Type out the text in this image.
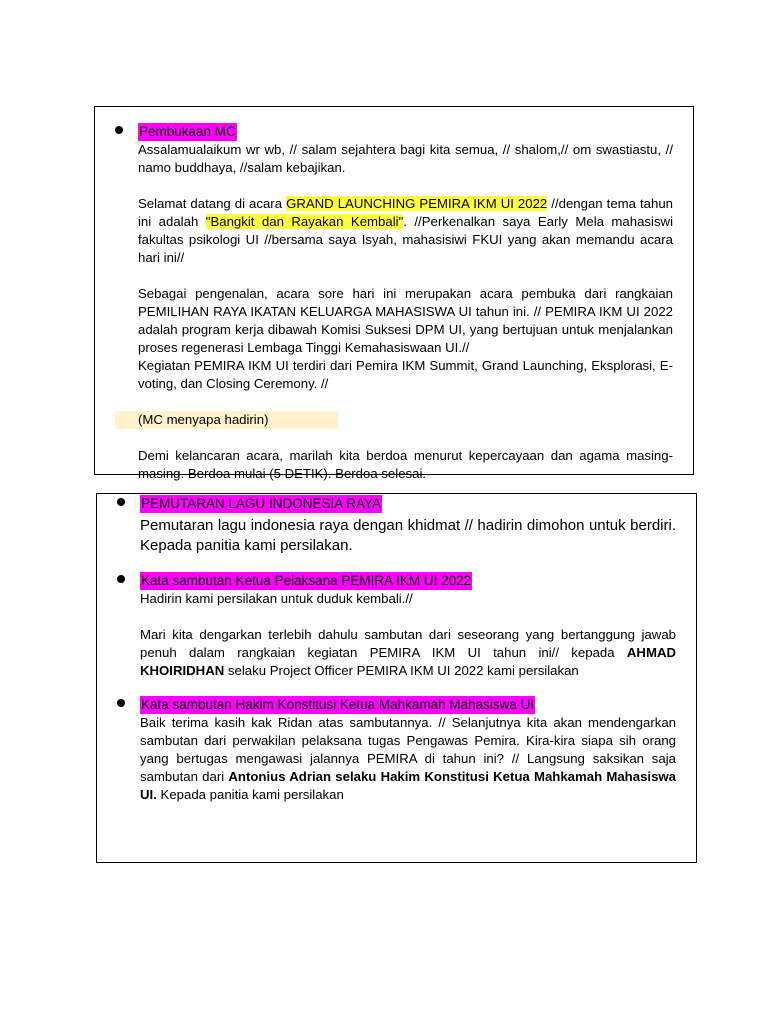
Pembukaan MC

Assalamualaikum wr wb, // salam sejahtera bagi kita semua, // shalom,// om swastiastu, // namo buddhaya, //salam kebajikan.

Selamat datang di acara GRAND LAUNCHING PEMIRA IKM UI 2022 //dengan tema tahun ini adalah "Bangkit dan Rayakan Kembali". //Perkenalkan saya Early Mela mahasiswi fakultas psikologi UI //bersama saya Isyah, mahasisiwi FKUI yang akan memandu acara hari ini//

Sebagai pengenalan, acara sore hari ini merupakan acara pembuka dari rangkaian PEMILIHAN RAYA IKATAN KELUARGA MAHASISWA UI tahun ini. // PEMIRA IKM UI 2022 adalah program kerja dibawah Komisi Suksesi DPM UI, yang bertujuan untuk menjalankan proses regenerasi Lembaga Tinggi Kemahasiswaan UI.//

Kegiatan PEMIRA IKM UI terdiri dari Pemira IKM Summit, Grand Launching, Eksplorasi, E-voting, dan Closing Ceremony. //

(MC menyapa hadirin)

Demi kelancaran acara, marilah kita berdoa menurut kepercayaan dan agama masing-masing. Berdoa mulai (5 DETIK). Berdoa selesai.

PEMUTARAN LAGU INDONESIA RAYA

Pemutaran lagu indonesia raya dengan khidmat // hadirin dimohon untuk berdiri. Kepada panitia kami persilakan.

Kata sambutan Ketua Pelaksana PEMIRA IKM UI 2022

Hadirin kami persilakan untuk duduk kembali.//

Mari kita dengarkan terlebih dahulu sambutan dari seseorang yang bertanggung jawab penuh dalam rangkaian kegiatan PEMIRA IKM UI tahun ini// kepada AHMAD KHOIRIDHAN selaku Project Officer PEMIRA IKM UI 2022 kami persilakan

Kata sambutan Hakim Konstitusi Ketua Mahkamah Mahasiswa UI

Baik terima kasih kak Ridan atas sambutannya. // Selanjutnya kita akan mendengarkan sambutan dari perwakilan pelaksana tugas Pengawas Pemira. Kira-kira siapa sih orang yang bertugas mengawasi jalannya PEMIRA di tahun ini? // Langsung saksikan saja sambutan dari Antonius Adrian selaku Hakim Konstitusi Ketua Mahkamah Mahasiswa UI. Kepada panitia kami persilakan
